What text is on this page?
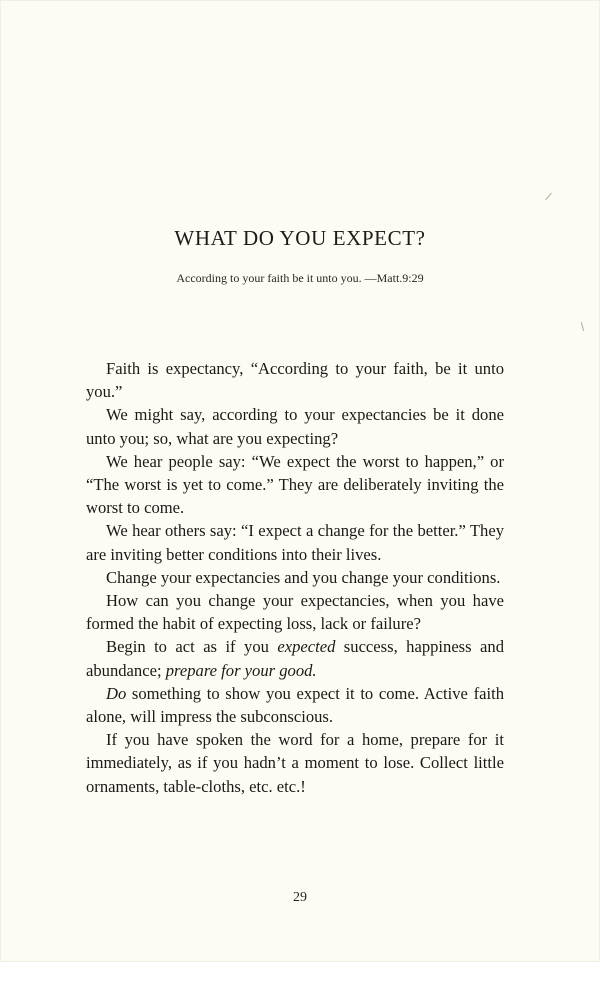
WHAT DO YOU EXPECT?

According to your faith be it unto you. —Matt.9:29

Faith is expectancy, “According to your faith, be it unto you.”

We might say, according to your expectancies be it done unto you; so, what are you expecting?

We hear people say: “We expect the worst to happen,” or “The worst is yet to come.” They are deliberately inviting the worst to come.

We hear others say: “I expect a change for the better.” They are inviting better conditions into their lives.

Change your expectancies and you change your conditions.

How can you change your expectancies, when you have formed the habit of expecting loss, lack or failure?

Begin to act as if you expected success, happiness and abundance; prepare for your good.

Do something to show you expect it to come. Active faith alone, will impress the subconscious.

If you have spoken the word for a home, prepare for it immediately, as if you hadn’t a moment to lose. Collect little ornaments, table-cloths, etc. etc.!

29
